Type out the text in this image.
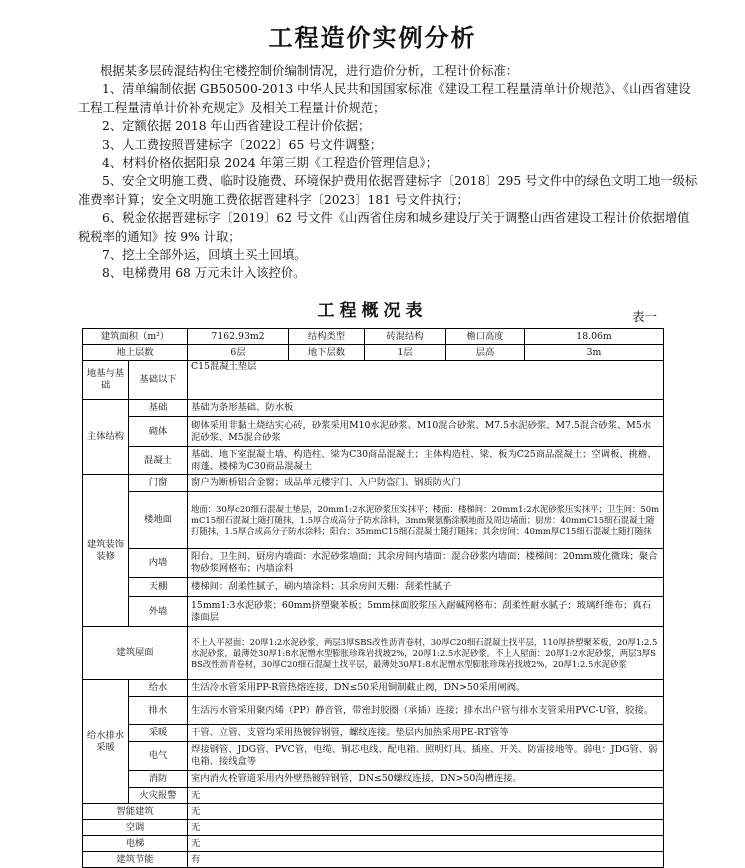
工程造价实例分析

根据某多层砖混结构住宅楼控制价编制情况，进行造价分析，工程计价标准：

1、清单编制依据 GB50500-2013 中华人民共和国国家标准《建设工程工程量清单计价规范》、《山西省建设工程工程量清单计价补充规定》及相关工程量计价规范；

2、定额依据 2018 年山西省建设工程计价依据；

3、人工费按照晋建标字〔2022〕65 号文件调整；

4、材料价格依据阳泉 2024 年第三期《工程造价管理信息》；

5、安全文明施工费、临时设施费、环境保护费用依据晋建标字〔2018〕295 号文件中的绿色文明工地一级标准费率计算；安全文明施工费依据晋建科字〔2023〕181 号文件执行；

6、税金依据晋建标字〔2019〕62 号文件《山西省住房和城乡建设厅关于调整山西省建设工程计价依据增值税税率的通知》按 9% 计取；

7、挖土全部外运，回填土买土回填。

8、电梯费用 68 万元未计入该控价。

工程概况表	表一
建筑面积（m²）		7162.93m2	结构类型	砖混结构	檐口高度	18.06m
地上层数		6层	地下层数	1层	层高	3m
地基与基础	基础以下	C15混凝土垫层				
主体结构	基础	基础为条形基础、防水板				
	砌体	砌体采用非黏土烧结实心砖，砂浆采用M10水泥砂浆、M10混合砂浆、M7.5水泥砂浆、M7.5混合砂浆、M5水泥砂浆、M5混合砂浆				
	混凝土	基础、地下室混凝土墙、构造柱、梁为C30商品混凝土；主体构造柱、梁、板为C25商品混凝土；空调板、挑檐、雨蓬、楼梯为C30商品混凝土				
建筑装饰装修	门窗	窗户为断桥铝合金窗；成品单元楼宇门、入户防盗门、钢质防火门				
	楼地面	地面：30厚c20细石混凝土垫层，20mm1:2水泥砂浆压实抹平；楼面：楼梯间：20mm1:2水泥砂浆压实抹平；卫生间：50mmC15细石混凝土随打随抹，1.5厚合成高分子防水涂料，3mm聚氨酯涂膜地面及周边墙面；厨房：40mmC15细石混凝土随打随抹，1.5厚合成高分子防水涂料；阳台：35mmC15细石混凝土随打随抹；其余房间：40mm厚C15细石混凝土随打随抹				
	内墙	阳台、卫生间、厨房内墙面：水泥砂浆墙面；其余房间内墙面：混合砂浆内墙面；楼梯间：20mm玻化微珠；聚合物砂浆网格布；内墙涂料				
	天棚	楼梯间：刮柔性腻子，刷内墙涂料；其余房间天棚：刮柔性腻子				
	外墙	15mm1:3水泥砂浆；60mm挤塑聚苯板；5mm抹面胶浆压入耐碱网格布；刮柔性耐水腻子；玻璃纤维布；真石漆面层				
建筑屋面		不上人平屋面：20厚1:2水泥砂浆，两层3厚SBS改性沥青卷材，30厚C20细石混凝土找平层，110厚挤塑聚苯板，20厚1:2.5水泥砂浆，最薄处30厚1:8水泥憎水型膨胀珍珠岩找坡2%，20厚1:2.5水泥砂浆。不上人屋面：20厚1:2水泥砂浆，两层3厚SBS改性沥青卷材，30厚C20细石混凝土找平层，最薄处30厚1:8水泥憎水型膨胀珍珠岩找坡2%，20厚1:2.5水泥砂浆				
给水排水采暖	给水	生活冷水管采用PP-R管热熔连接，DN≤50采用铜制截止阀，DN>50采用闸阀。				
	排水	生活污水管采用聚丙烯（PP）静音管，带密封胶圈（承插）连接；排水出户管与排水支管采用PVC-U管，胶接。				
	采暖	干管、立管、支管均采用热镀锌钢管，螺纹连接。垫层内加热采用PE-RT管等				
	电气	焊接钢管、JDG管、PVC管，电缆、铜芯电线、配电箱、照明灯具、插座、开关、防雷接地等。弱电：JDG管、弱电箱、接线盒等				
	消防	室内消火栓管道采用内外壁热镀锌钢管，DN≤50螺纹连接，DN>50沟槽连接。				
	火灾报警	无				
智能建筑		无				
空调		无				
电梯		无				
建筑节能		有				
